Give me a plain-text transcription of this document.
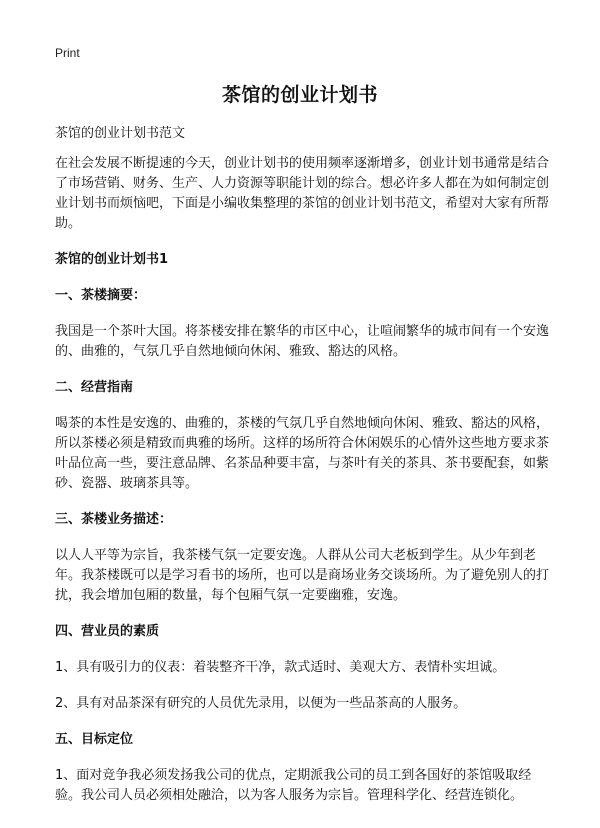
Print
茶馆的创业计划书

茶馆的创业计划书范文

在社会发展不断提速的今天，创业计划书的使用频率逐渐增多，创业计划书通常是结合了市场营销、财务、生产、人力资源等职能计划的综合。想必许多人都在为如何制定创业计划书而烦恼吧，下面是小编收集整理的茶馆的创业计划书范文，希望对大家有所帮助。

茶馆的创业计划书1
一、茶楼摘要：

我国是一个茶叶大国。将茶楼安排在繁华的市区中心，让喧闹繁华的城市间有一个安逸的、曲雅的，气氛几乎自然地倾向休闲、雅致、豁达的风格。

二、经营指南

喝茶的本性是安逸的、曲雅的，茶楼的气氛几乎自然地倾向休闲、雅致、豁达的风格，所以茶楼必须是精致而典雅的场所。这样的场所符合休闲娱乐的心情外这些地方要求茶叶品位高一些，要注意品牌、名茶品种要丰富，与茶叶有关的茶具、茶书要配套，如紫砂、瓷器、玻璃茶具等。

三、茶楼业务描述：

以人人平等为宗旨，我茶楼气氛一定要安逸。人群从公司大老板到学生。从少年到老年。我茶楼既可以是学习看书的场所，也可以是商场业务交谈场所。为了避免别人的打扰，我会增加包厢的数量，每个包厢气氛一定要幽雅，安逸。

四、营业员的素质

1、具有吸引力的仪表：着装整齐干净，款式适时、美观大方、表情朴实坦诚。

2、具有对品茶深有研究的人员优先录用，以便为一些品茶高的人服务。

五、目标定位

1、面对竞争我必须发扬我公司的优点，定期派我公司的员工到各国好的茶馆吸取经验。我公司人员必须相处融洽，以为客人服务为宗旨。管理科学化、经营连锁化。
